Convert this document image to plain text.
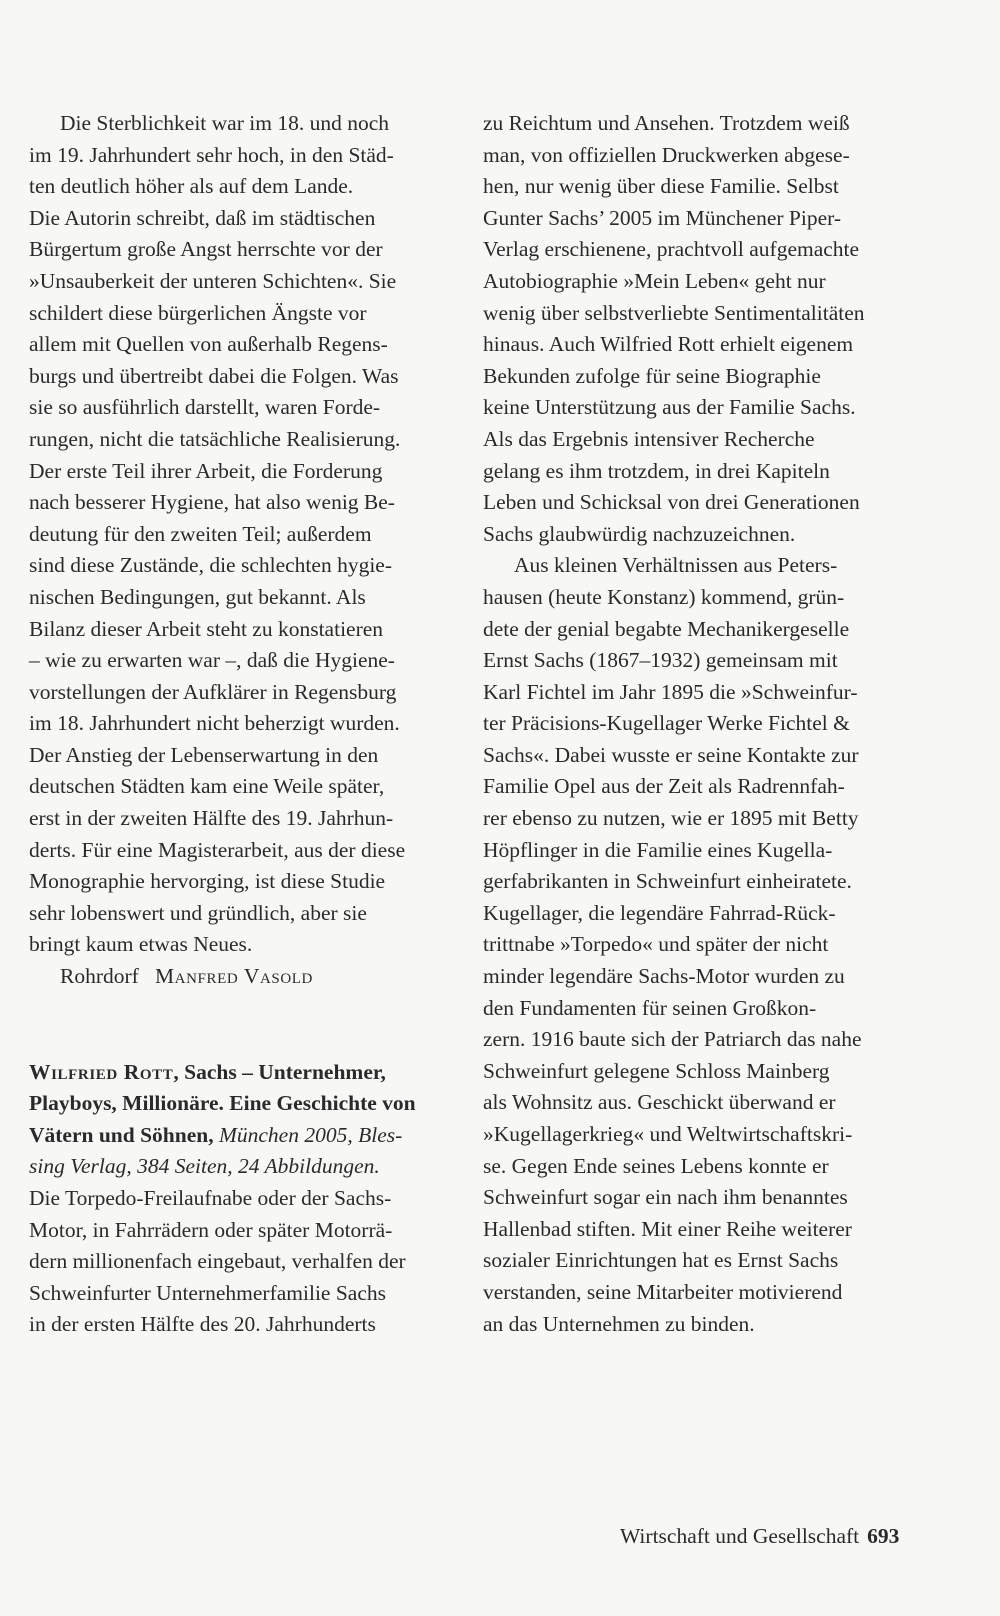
Die Sterblichkeit war im 18. und noch
im 19. Jahrhundert sehr hoch, in den Städ-
ten deutlich höher als auf dem Lande.
Die Autorin schreibt, daß im städtischen
Bürgertum große Angst herrschte vor der
»Unsauberkeit der unteren Schichten«. Sie
schildert diese bürgerlichen Ängste vor
allem mit Quellen von außerhalb Regens-
burgs und übertreibt dabei die Folgen. Was
sie so ausführlich darstellt, waren Forde-
rungen, nicht die tatsächliche Realisierung.
Der erste Teil ihrer Arbeit, die Forderung
nach besserer Hygiene, hat also wenig Be-
deutung für den zweiten Teil; außerdem
sind diese Zustände, die schlechten hygie-
nischen Bedingungen, gut bekannt. Als
Bilanz dieser Arbeit steht zu konstatieren
– wie zu erwarten war –, daß die Hygiene-
vorstellungen der Aufklärer in Regensburg
im 18. Jahrhundert nicht beherzigt wurden.
Der Anstieg der Lebenserwartung in den
deutschen Städten kam eine Weile später,
erst in der zweiten Hälfte des 19. Jahrhun-
derts. Für eine Magisterarbeit, aus der diese
Monographie hervorging, ist diese Studie
sehr lobenswert und gründlich, aber sie
bringt kaum etwas Neues.
Rohrdorf Manfred Vasold
Wilfried Rott, Sachs – Unternehmer,
Playboys, Millionäre. Eine Geschichte von
Vätern und Söhnen, München 2005, Bles-
sing Verlag, 384 Seiten, 24 Abbildungen.
Die Torpedo-Freilaufnabe oder der Sachs-
Motor, in Fahrrädern oder später Motorrä-
dern millionenfach eingebaut, verhalfen der
Schweinfurter Unternehmerfamilie Sachs
in der ersten Hälfte des 20. Jahrhunderts
zu Reichtum und Ansehen. Trotzdem weiß
man, von offiziellen Druckwerken abgese-
hen, nur wenig über diese Familie. Selbst
Gunter Sachs’ 2005 im Münchener Piper-
Verlag erschienene, prachtvoll aufgemachte
Autobiographie »Mein Leben« geht nur
wenig über selbstverliebte Sentimentalitäten
hinaus. Auch Wilfried Rott erhielt eigenem
Bekunden zufolge für seine Biographie
keine Unterstützung aus der Familie Sachs.
Als das Ergebnis intensiver Recherche
gelang es ihm trotzdem, in drei Kapiteln
Leben und Schicksal von drei Generationen
Sachs glaubwürdig nachzuzeichnen.
Aus kleinen Verhältnissen aus Peters-
hausen (heute Konstanz) kommend, grün-
dete der genial begabte Mechanikergeselle
Ernst Sachs (1867–1932) gemeinsam mit
Karl Fichtel im Jahr 1895 die »Schweinfur-
ter Präcisions-Kugellager Werke Fichtel &
Sachs«. Dabei wusste er seine Kontakte zur
Familie Opel aus der Zeit als Radrennfah-
rer ebenso zu nutzen, wie er 1895 mit Betty
Höpflinger in die Familie eines Kugella-
gerfabrikanten in Schweinfurt einheiratete.
Kugellager, die legendäre Fahrrad-Rück-
trittnabe »Torpedo« und später der nicht
minder legendäre Sachs-Motor wurden zu
den Fundamenten für seinen Großkon-
zern. 1916 baute sich der Patriarch das nahe
Schweinfurt gelegene Schloss Mainberg
als Wohnsitz aus. Geschickt überwand er
»Kugellagerkrieg« und Weltwirtschaftskri-
se. Gegen Ende seines Lebens konnte er
Schweinfurt sogar ein nach ihm benanntes
Hallenbad stiften. Mit einer Reihe weiterer
sozialer Einrichtungen hat es Ernst Sachs
verstanden, seine Mitarbeiter motivierend
an das Unternehmen zu binden.
Wirtschaft und Gesellschaft 693
